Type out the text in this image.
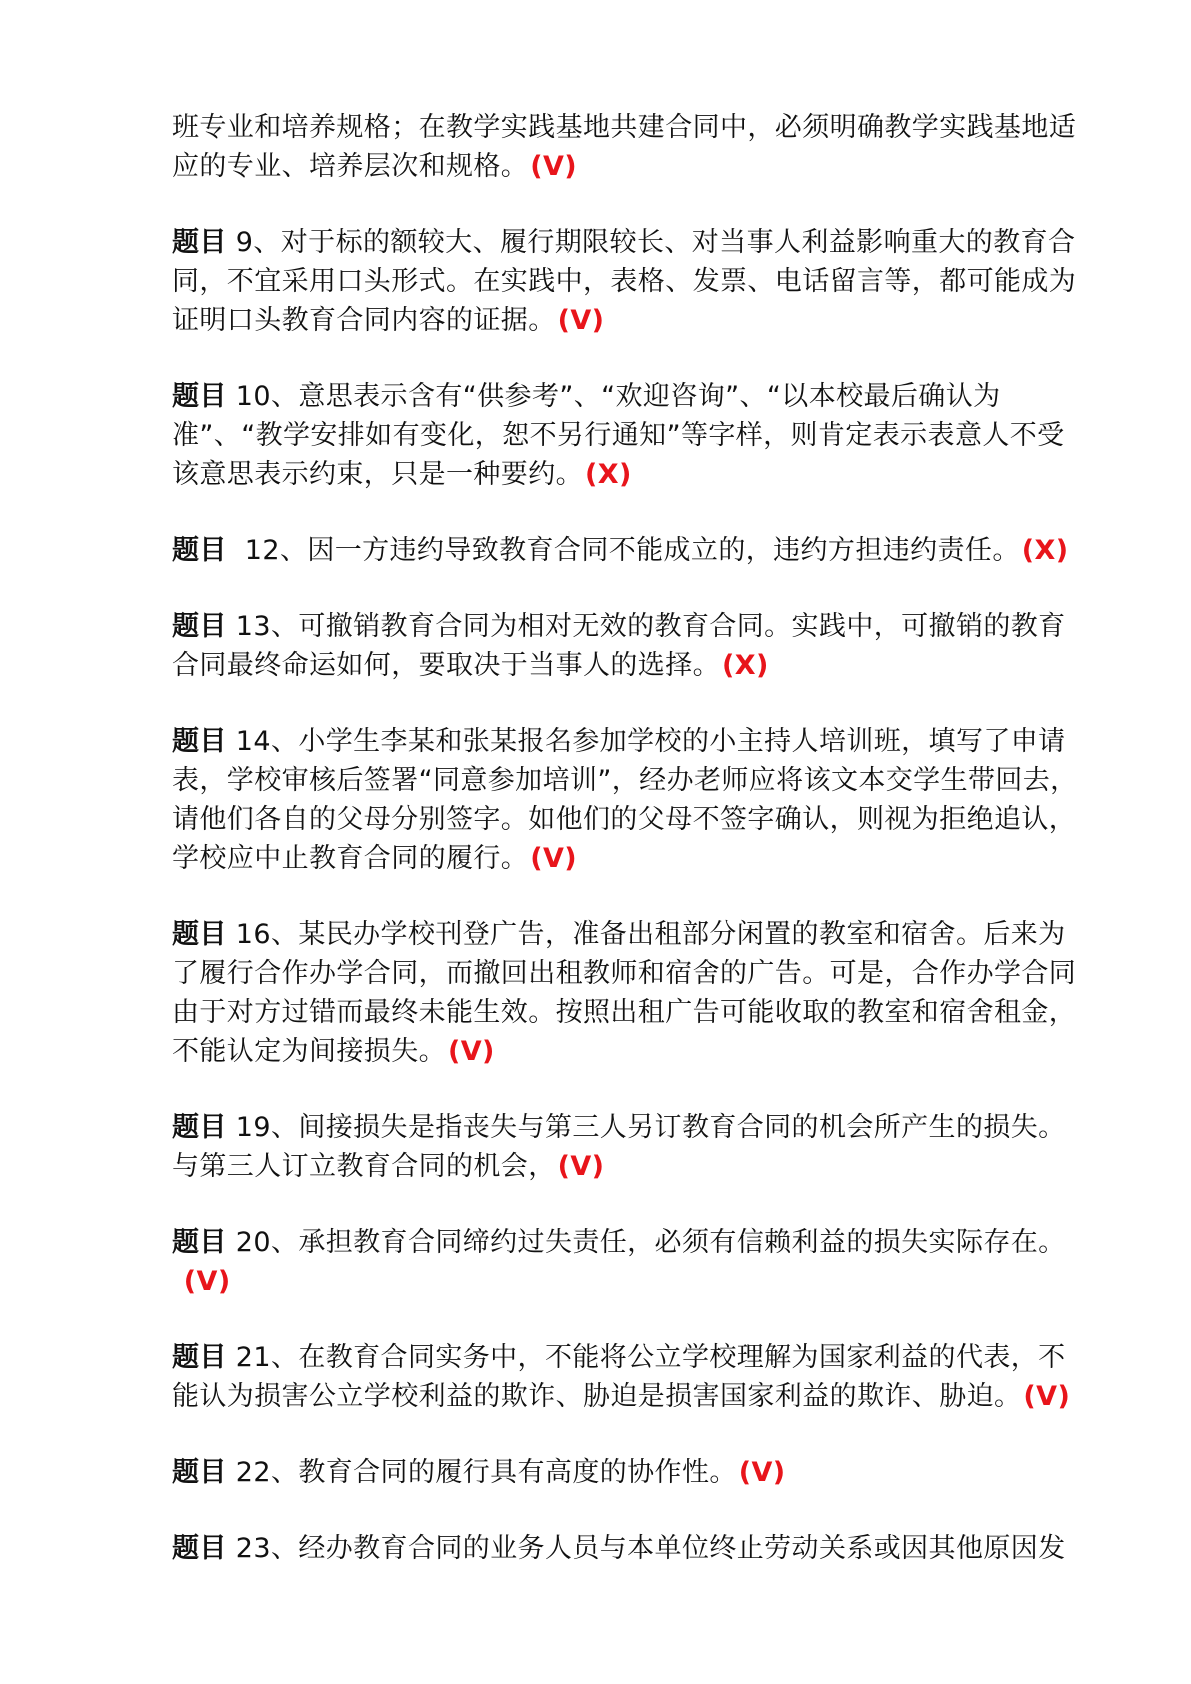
班专业和培养规格；在教学实践基地共建合同中，必须明确教学实践基地适应的专业、培养层次和规格。(V)

题目 9、对于标的额较大、履行期限较长、对当事人利益影响重大的教育合同，不宜采用口头形式。在实践中，表格、发票、电话留言等，都可能成为证明口头教育合同内容的证据。(V)

题目 10、意思表示含有“供参考”、“欢迎咨询”、“以本校最后确认为准”、“教学安排如有变化，恕不另行通知”等字样，则肯定表示表意人不受该意思表示约束，只是一种要约。(X)

题目  12、因一方违约导致教育合同不能成立的，违约方担违约责任。(X)

题目 13、可撤销教育合同为相对无效的教育合同。实践中，可撤销的教育合同最终命运如何，要取决于当事人的选择。(X)

题目 14、小学生李某和张某报名参加学校的小主持人培训班，填写了申请表，学校审核后签署“同意参加培训”，经办老师应将该文本交学生带回去，请他们各自的父母分别签字。如他们的父母不签字确认，则视为拒绝追认，学校应中止教育合同的履行。(V)

题目 16、某民办学校刊登广告，准备出租部分闲置的教室和宿舍。后来为了履行合作办学合同，而撤回出租教师和宿舍的广告。可是，合作办学合同由于对方过错而最终未能生效。按照出租广告可能收取的教室和宿舍租金，不能认定为间接损失。(V)

题目 19、间接损失是指丧失与第三人另订教育合同的机会所产生的损失。与第三人订立教育合同的机会，(V)

题目 20、承担教育合同缔约过失责任，必须有信赖利益的损失实际存在。 (V)

题目 21、在教育合同实务中，不能将公立学校理解为国家利益的代表，不能认为损害公立学校利益的欺诈、胁迫是损害国家利益的欺诈、胁迫。(V)

题目 22、教育合同的履行具有高度的协作性。(V)

题目 23、经办教育合同的业务人员与本单位终止劳动关系或因其他原因发
